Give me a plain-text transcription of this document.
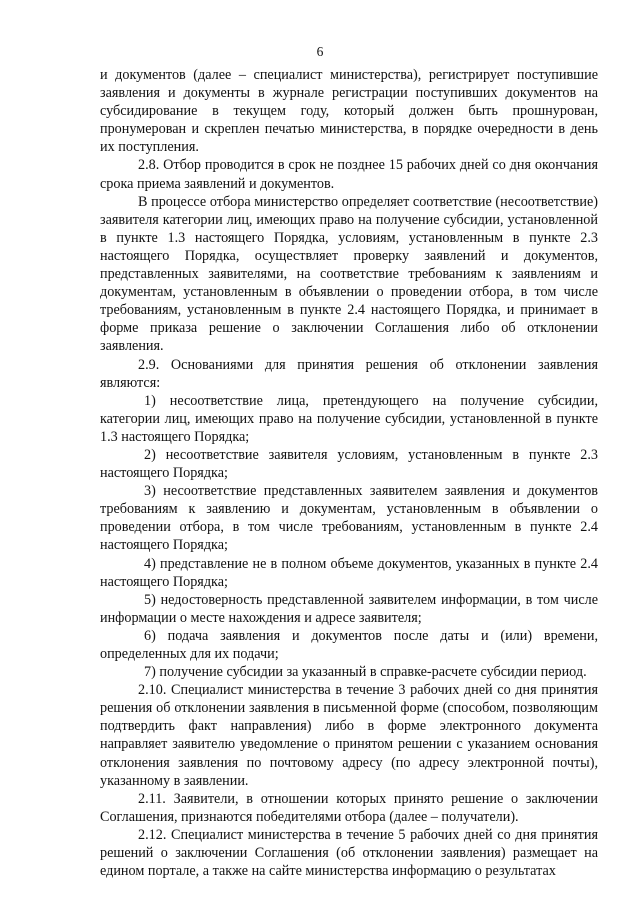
6

и документов (далее – специалист министерства), регистрирует поступившие заявления и документы в журнале регистрации поступивших документов на субсидирование в текущем году, который должен быть прошнурован, пронумерован и скреплен печатью министерства, в порядке очередности в день их поступления.

2.8. Отбор проводится в срок не позднее 15 рабочих дней со дня окончания срока приема заявлений и документов.

В процессе отбора министерство определяет соответствие (несоответствие) заявителя категории лиц, имеющих право на получение субсидии, установленной в пункте 1.3 настоящего Порядка, условиям, установленным в пункте 2.3 настоящего Порядка, осуществляет проверку заявлений и документов, представленных заявителями, на соответствие требованиям к заявлениям и документам, установленным в объявлении о проведении отбора, в том числе требованиям, установленным в пункте 2.4 настоящего Порядка, и принимает в форме приказа решение о заключении Соглашения либо об отклонении заявления.

2.9. Основаниями для принятия решения об отклонении заявления являются:

1) несоответствие лица, претендующего на получение субсидии, категории лиц, имеющих право на получение субсидии, установленной в пункте 1.3 настоящего Порядка;

2) несоответствие заявителя условиям, установленным в пункте 2.3 настоящего Порядка;

3) несоответствие представленных заявителем заявления и документов требованиям к заявлению и документам, установленным в объявлении о проведении отбора, в том числе требованиям, установленным в пункте 2.4 настоящего Порядка;

4) представление не в полном объеме документов, указанных в пункте 2.4 настоящего Порядка;

5) недостоверность представленной заявителем информации, в том числе информации о месте нахождения и адресе заявителя;

6) подача заявления и документов после даты и (или) времени, определенных для их подачи;

7) получение субсидии за указанный в справке-расчете субсидии период.

2.10. Специалист министерства в течение 3 рабочих дней со дня принятия решения об отклонении заявления в письменной форме (способом, позволяющим подтвердить факт направления) либо в форме электронного документа направляет заявителю уведомление о принятом решении с указанием основания отклонения заявления по почтовому адресу (по адресу электронной почты), указанному в заявлении.

2.11. Заявители, в отношении которых принято решение о заключении Соглашения, признаются победителями отбора (далее – получатели).

2.12. Специалист министерства в течение 5 рабочих дней со дня принятия решений о заключении Соглашения (об отклонении заявления) размещает на едином портале, а также на сайте министерства информацию о результатах
